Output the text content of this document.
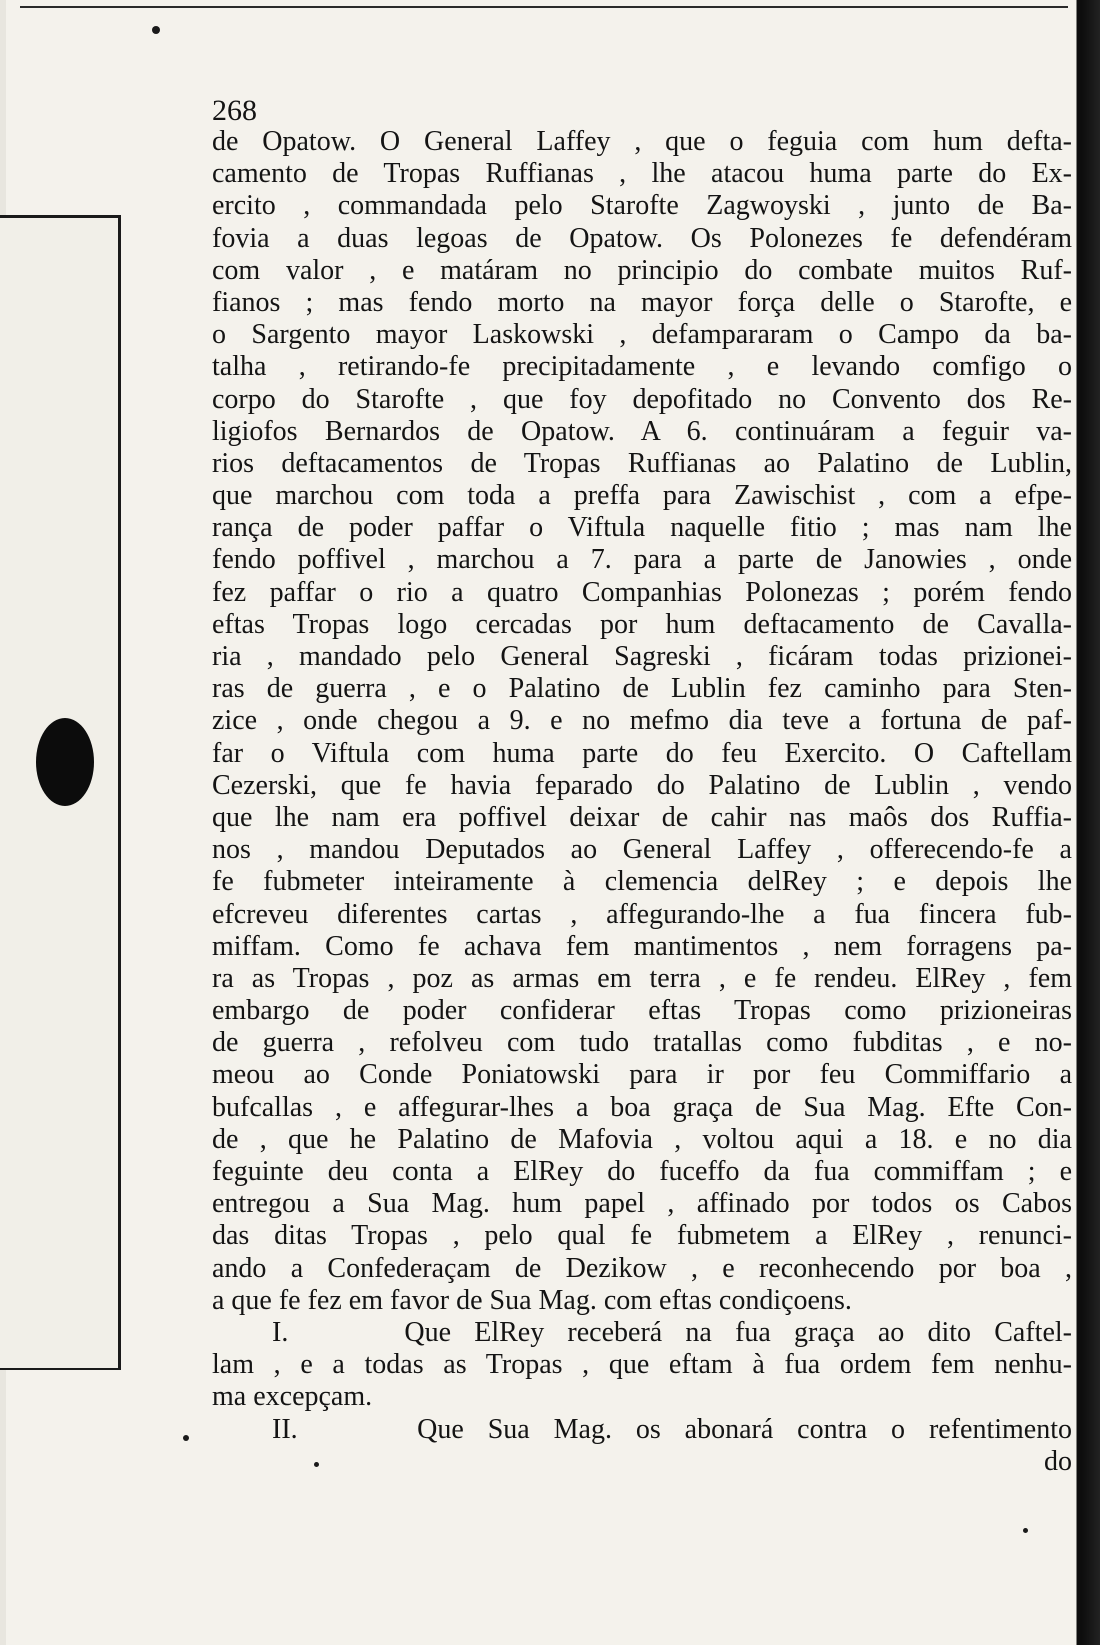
268
de Opatow. O General Laffey , que o feguia com hum defta-
camento de Tropas Ruffianas , lhe atacou huma parte do Ex-
ercito , commandada pelo Starofte Zagwoyski , junto de Ba-
fovia a duas legoas de Opatow. Os Polonezes fe defendéram
com valor , e matáram no principio do combate muitos Ruf-
fianos ; mas fendo morto na mayor força delle o Starofte, e
o Sargento mayor Laskowski , defampararam o Campo da ba-
talha , retirando-fe precipitadamente , e levando comfigo o
corpo do Starofte , que foy depofitado no Convento dos Re-
ligiofos Bernardos de Opatow. A 6. continuáram a feguir va-
rios deftacamentos de Tropas Ruffianas ao Palatino de Lublin,
que marchou com toda a preffa para Zawischist , com a efpe-
rança de poder paffar o Viftula naquelle fitio ; mas nam lhe
fendo poffivel , marchou a 7. para a parte de Janowies , onde
fez paffar o rio a quatro Companhias Polonezas ; porém fendo
eftas Tropas logo cercadas por hum deftacamento de Cavalla-
ria , mandado pelo General Sagreski , ficáram todas prizionei-
ras de guerra , e o Palatino de Lublin fez caminho para Sten-
zice , onde chegou a 9. e no mefmo dia teve a fortuna de paf-
far o Viftula com huma parte do feu Exercito. O Caftellam
Cezerski, que fe havia feparado do Palatino de Lublin , vendo
que lhe nam era poffivel deixar de cahir nas maôs dos Ruffia-
nos , mandou Deputados ao General Laffey , offerecendo-fe a
fe fubmeter inteiramente à clemencia delRey ; e depois lhe
efcreveu diferentes cartas , affegurando-lhe a fua fincera fub-
miffam. Como fe achava fem mantimentos , nem forragens pa-
ra as Tropas , poz as armas em terra , e fe rendeu. ElRey , fem
embargo de poder confiderar eftas Tropas como prizioneiras
de guerra , refolveu com tudo tratallas como fubditas , e no-
meou ao Conde Poniatowski para ir por feu Commiffario a
bufcallas , e affegurar-lhes a boa graça de Sua Mag. Efte Con-
de , que he Palatino de Mafovia , voltou aqui a 18. e no dia
feguinte deu conta a ElRey do fuceffo da fua commiffam ; e
entregou a Sua Mag. hum papel , affinado por todos os Cabos
das ditas Tropas , pelo qual fe fubmetem a ElRey , renunci-
ando a Confederaçam de Dezikow , e reconhecendo por boa ,
a que fe fez em favor de Sua Mag. com eftas condiçoens.
I.     Que ElRey receberá na fua graça ao dito Caftel-
lam , e a todas as Tropas , que eftam à fua ordem fem nenhu-
ma excepçam.
II.     Que Sua Mag. os abonará contra o refentimento
do
